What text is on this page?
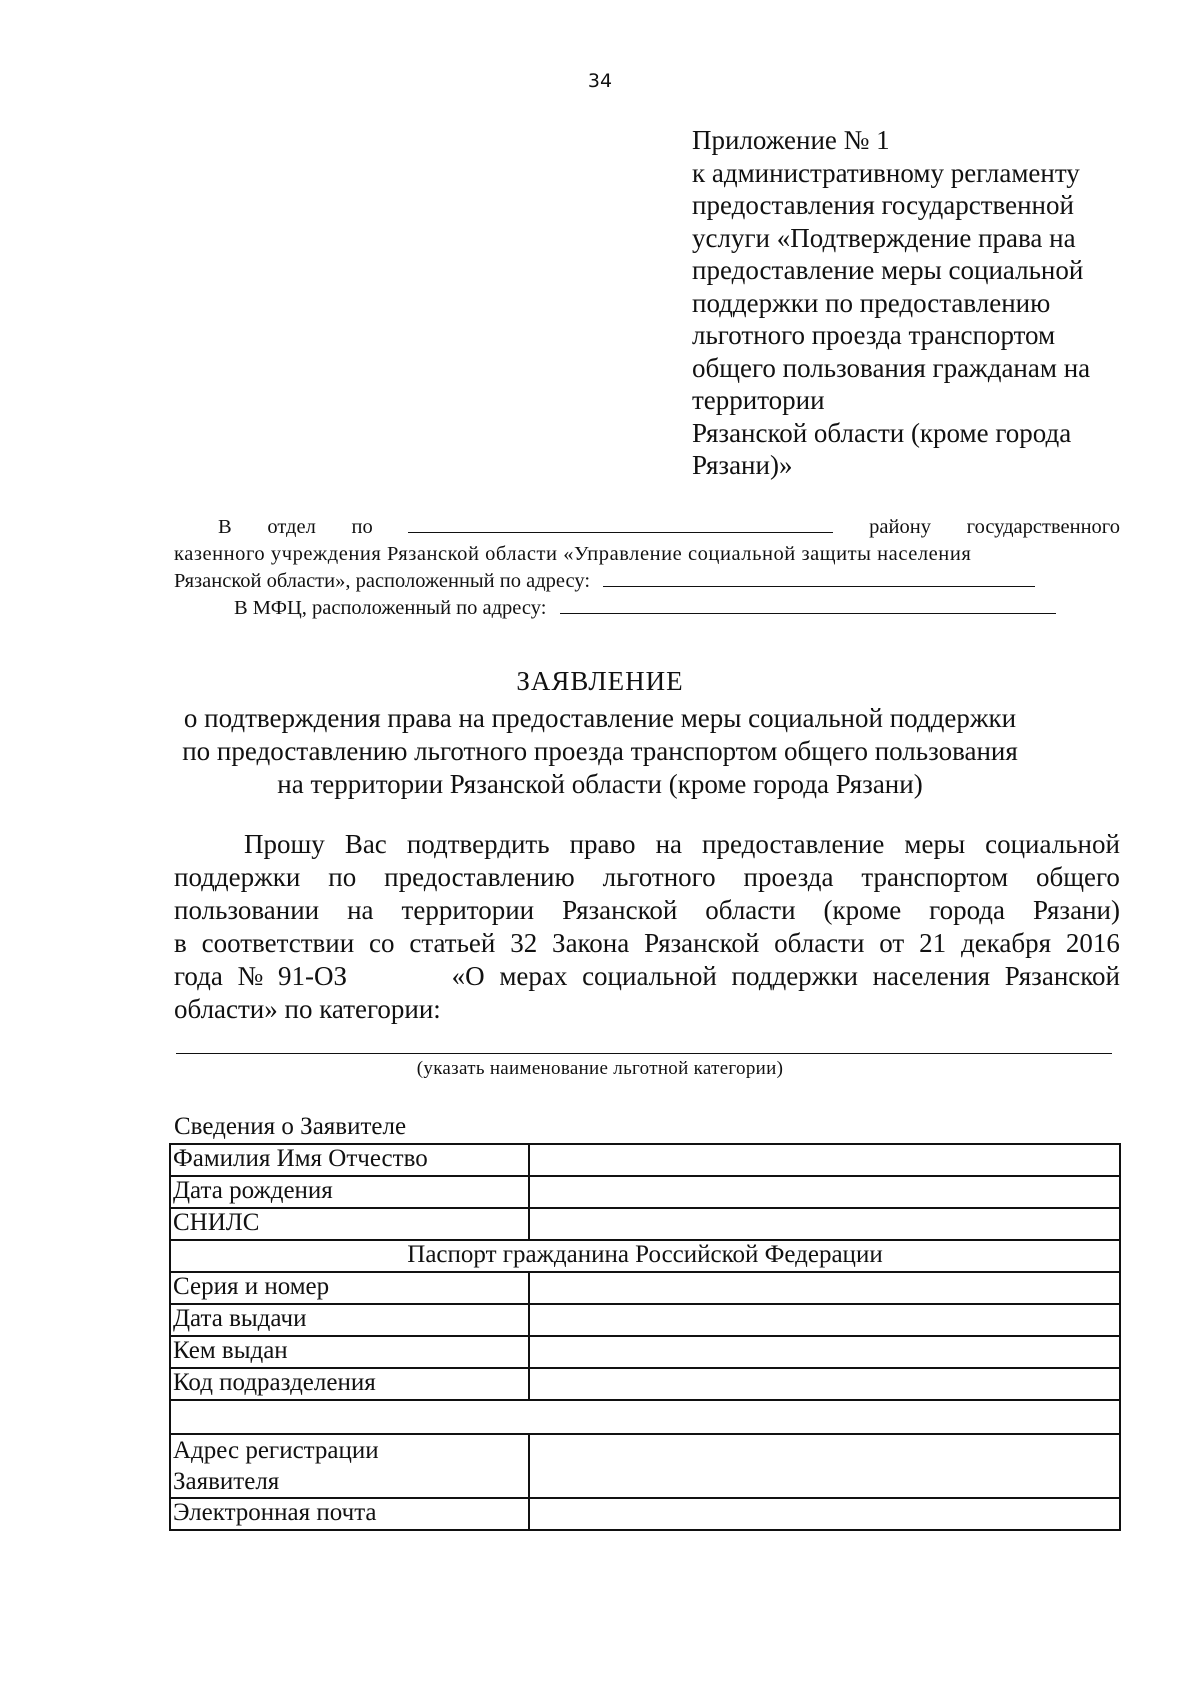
34
Приложение № 1
к административному регламенту
предоставления государственной
услуги «Подтверждение права на
предоставление меры социальной
поддержки по предоставлению
льготного проезда транспортом
общего пользования гражданам на
территории
Рязанской области (кроме города
Рязани)»
В отдел по	району государственного
казенного учреждения Рязанской области «Управление социальной защиты населения
Рязанской области», расположенный по адресу:
В МФЦ, расположенный по адресу:
ЗАЯВЛЕНИЕ
о подтверждения права на предоставление меры социальной поддержки
по предоставлению льготного проезда транспортом общего пользования
на территории Рязанской области (кроме города Рязани)
Прошу Вас подтвердить право на предоставление меры социальной
поддержки по предоставлению льготного проезда транспортом общего
пользовании на территории Рязанской области (кроме города Рязани)
в соответствии со статьей 32 Закона Рязанской области от 21 декабря 2016
года № 91-ОЗ	«О мерах социальной поддержки населения Рязанской
области» по категории:
(указать наименование льготной категории)
Сведения о Заявителе
Фамилия Имя Отчество	
Дата рождения	
СНИЛС	
Паспорт гражданина Российской Федерации	
Серия и номер	
Дата выдачи	
Кем выдан	
Код подразделения	

Адрес регистрации
Заявителя	
Электронная почта	
